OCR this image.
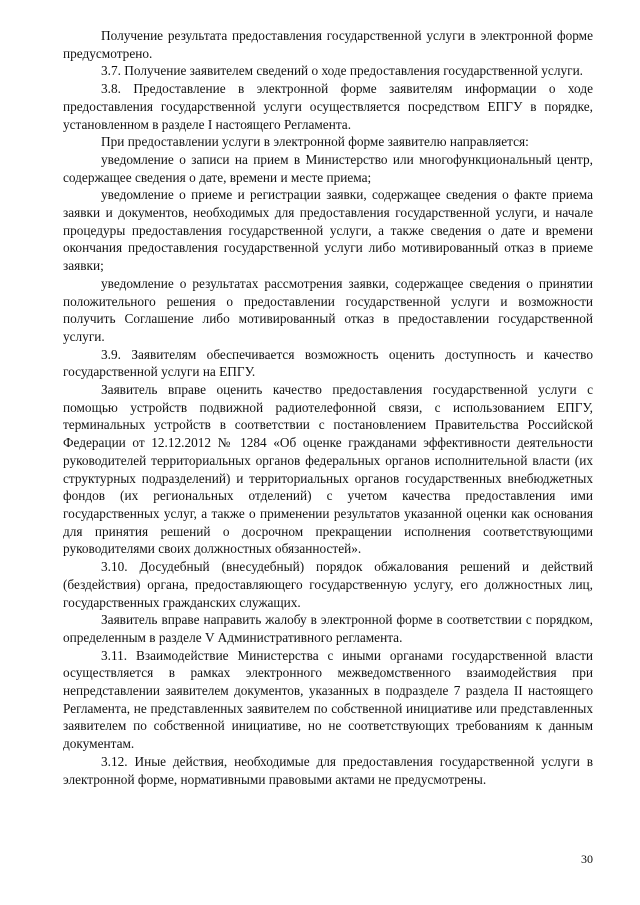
Получение результата предоставления государственной услуги в электронной форме предусмотрено.

3.7. Получение заявителем сведений о ходе предоставления государственной услуги.

3.8. Предоставление в электронной форме заявителям информации о ходе предоставления государственной услуги осуществляется посредством ЕПГУ в порядке, установленном в разделе I настоящего Регламента.

При предоставлении услуги в электронной форме заявителю направляется:

уведомление о записи на прием в Министерство или многофункциональный центр, содержащее сведения о дате, времени и месте приема;

уведомление о приеме и регистрации заявки, содержащее сведения о факте приема заявки и документов, необходимых для предоставления государственной услуги, и начале процедуры предоставления государственной услуги, а также сведения о дате и времени окончания предоставления государственной услуги либо мотивированный отказ в приеме заявки;

уведомление о результатах рассмотрения заявки, содержащее сведения о принятии положительного решения о предоставлении государственной услуги и возможности получить Соглашение либо мотивированный отказ в предоставлении государственной услуги.

3.9. Заявителям обеспечивается возможность оценить доступность и качество государственной услуги на ЕПГУ.

Заявитель вправе оценить качество предоставления государственной услуги с помощью устройств подвижной радиотелефонной связи, с использованием ЕПГУ, терминальных устройств в соответствии с постановлением Правительства Российской Федерации от 12.12.2012 № 1284 «Об оценке гражданами эффективности деятельности руководителей территориальных органов федеральных органов исполнительной власти (их структурных подразделений) и территориальных органов государственных внебюджетных фондов (их региональных отделений) с учетом качества предоставления ими государственных услуг, а также о применении результатов указанной оценки как основания для принятия решений о досрочном прекращении исполнения соответствующими руководителями своих должностных обязанностей».

3.10. Досудебный (внесудебный) порядок обжалования решений и действий (бездействия) органа, предоставляющего государственную услугу, его должностных лиц, государственных гражданских служащих.

Заявитель вправе направить жалобу в электронной форме в соответствии с порядком, определенным в разделе V Административного регламента.

3.11. Взаимодействие Министерства с иными органами государственной власти осуществляется в рамках электронного межведомственного взаимодействия при непредставлении заявителем документов, указанных в подразделе 7 раздела II настоящего Регламента, не представленных заявителем по собственной инициативе или представленных заявителем по собственной инициативе, но не соответствующих требованиям к данным документам.

3.12. Иные действия, необходимые для предоставления государственной услуги в электронной форме, нормативными правовыми актами не предусмотрены.

30
